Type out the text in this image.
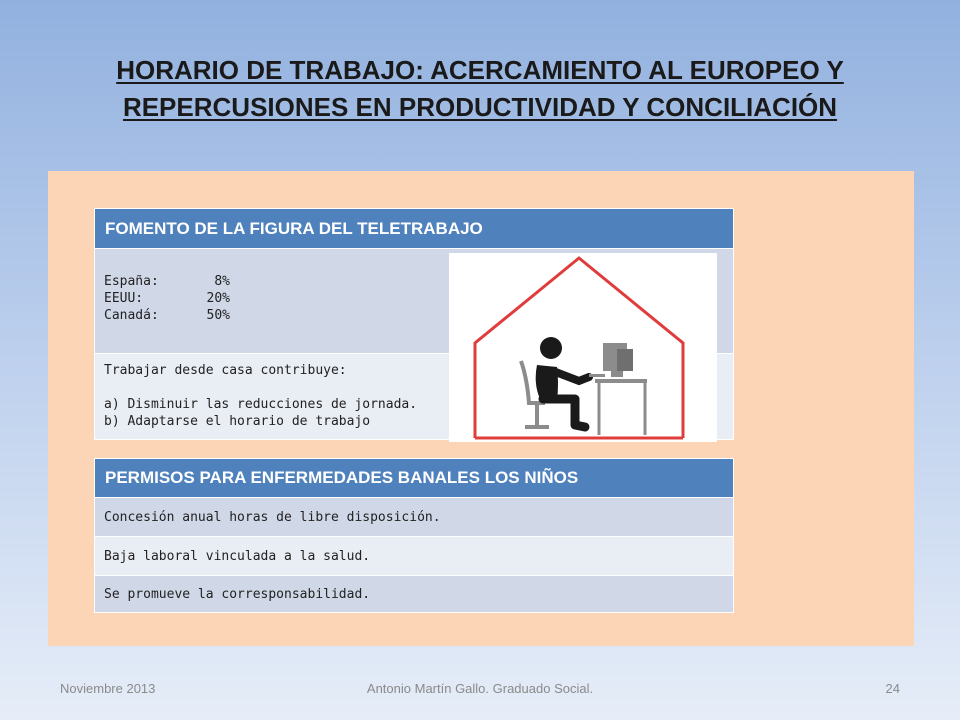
HORARIO DE TRABAJO: ACERCAMIENTO AL EUROPEO Y
REPERCUSIONES EN PRODUCTIVIDAD Y CONCILIACIÓN
FOMENTO DE LA FIGURA DEL TELETRABAJO
España:	8%
EEUU:	20%
Canadá:	50%
Trabajar desde casa contribuye:
a) Disminuir las reducciones de jornada.
b) Adaptarse el horario de trabajo
PERMISOS PARA ENFERMEDADES BANALES LOS NIÑOS
Concesión anual horas de libre disposición.
Baja laboral vinculada a la salud.
Se promueve la corresponsabilidad.
Noviembre 2013	Antonio Martín Gallo. Graduado Social.	24
